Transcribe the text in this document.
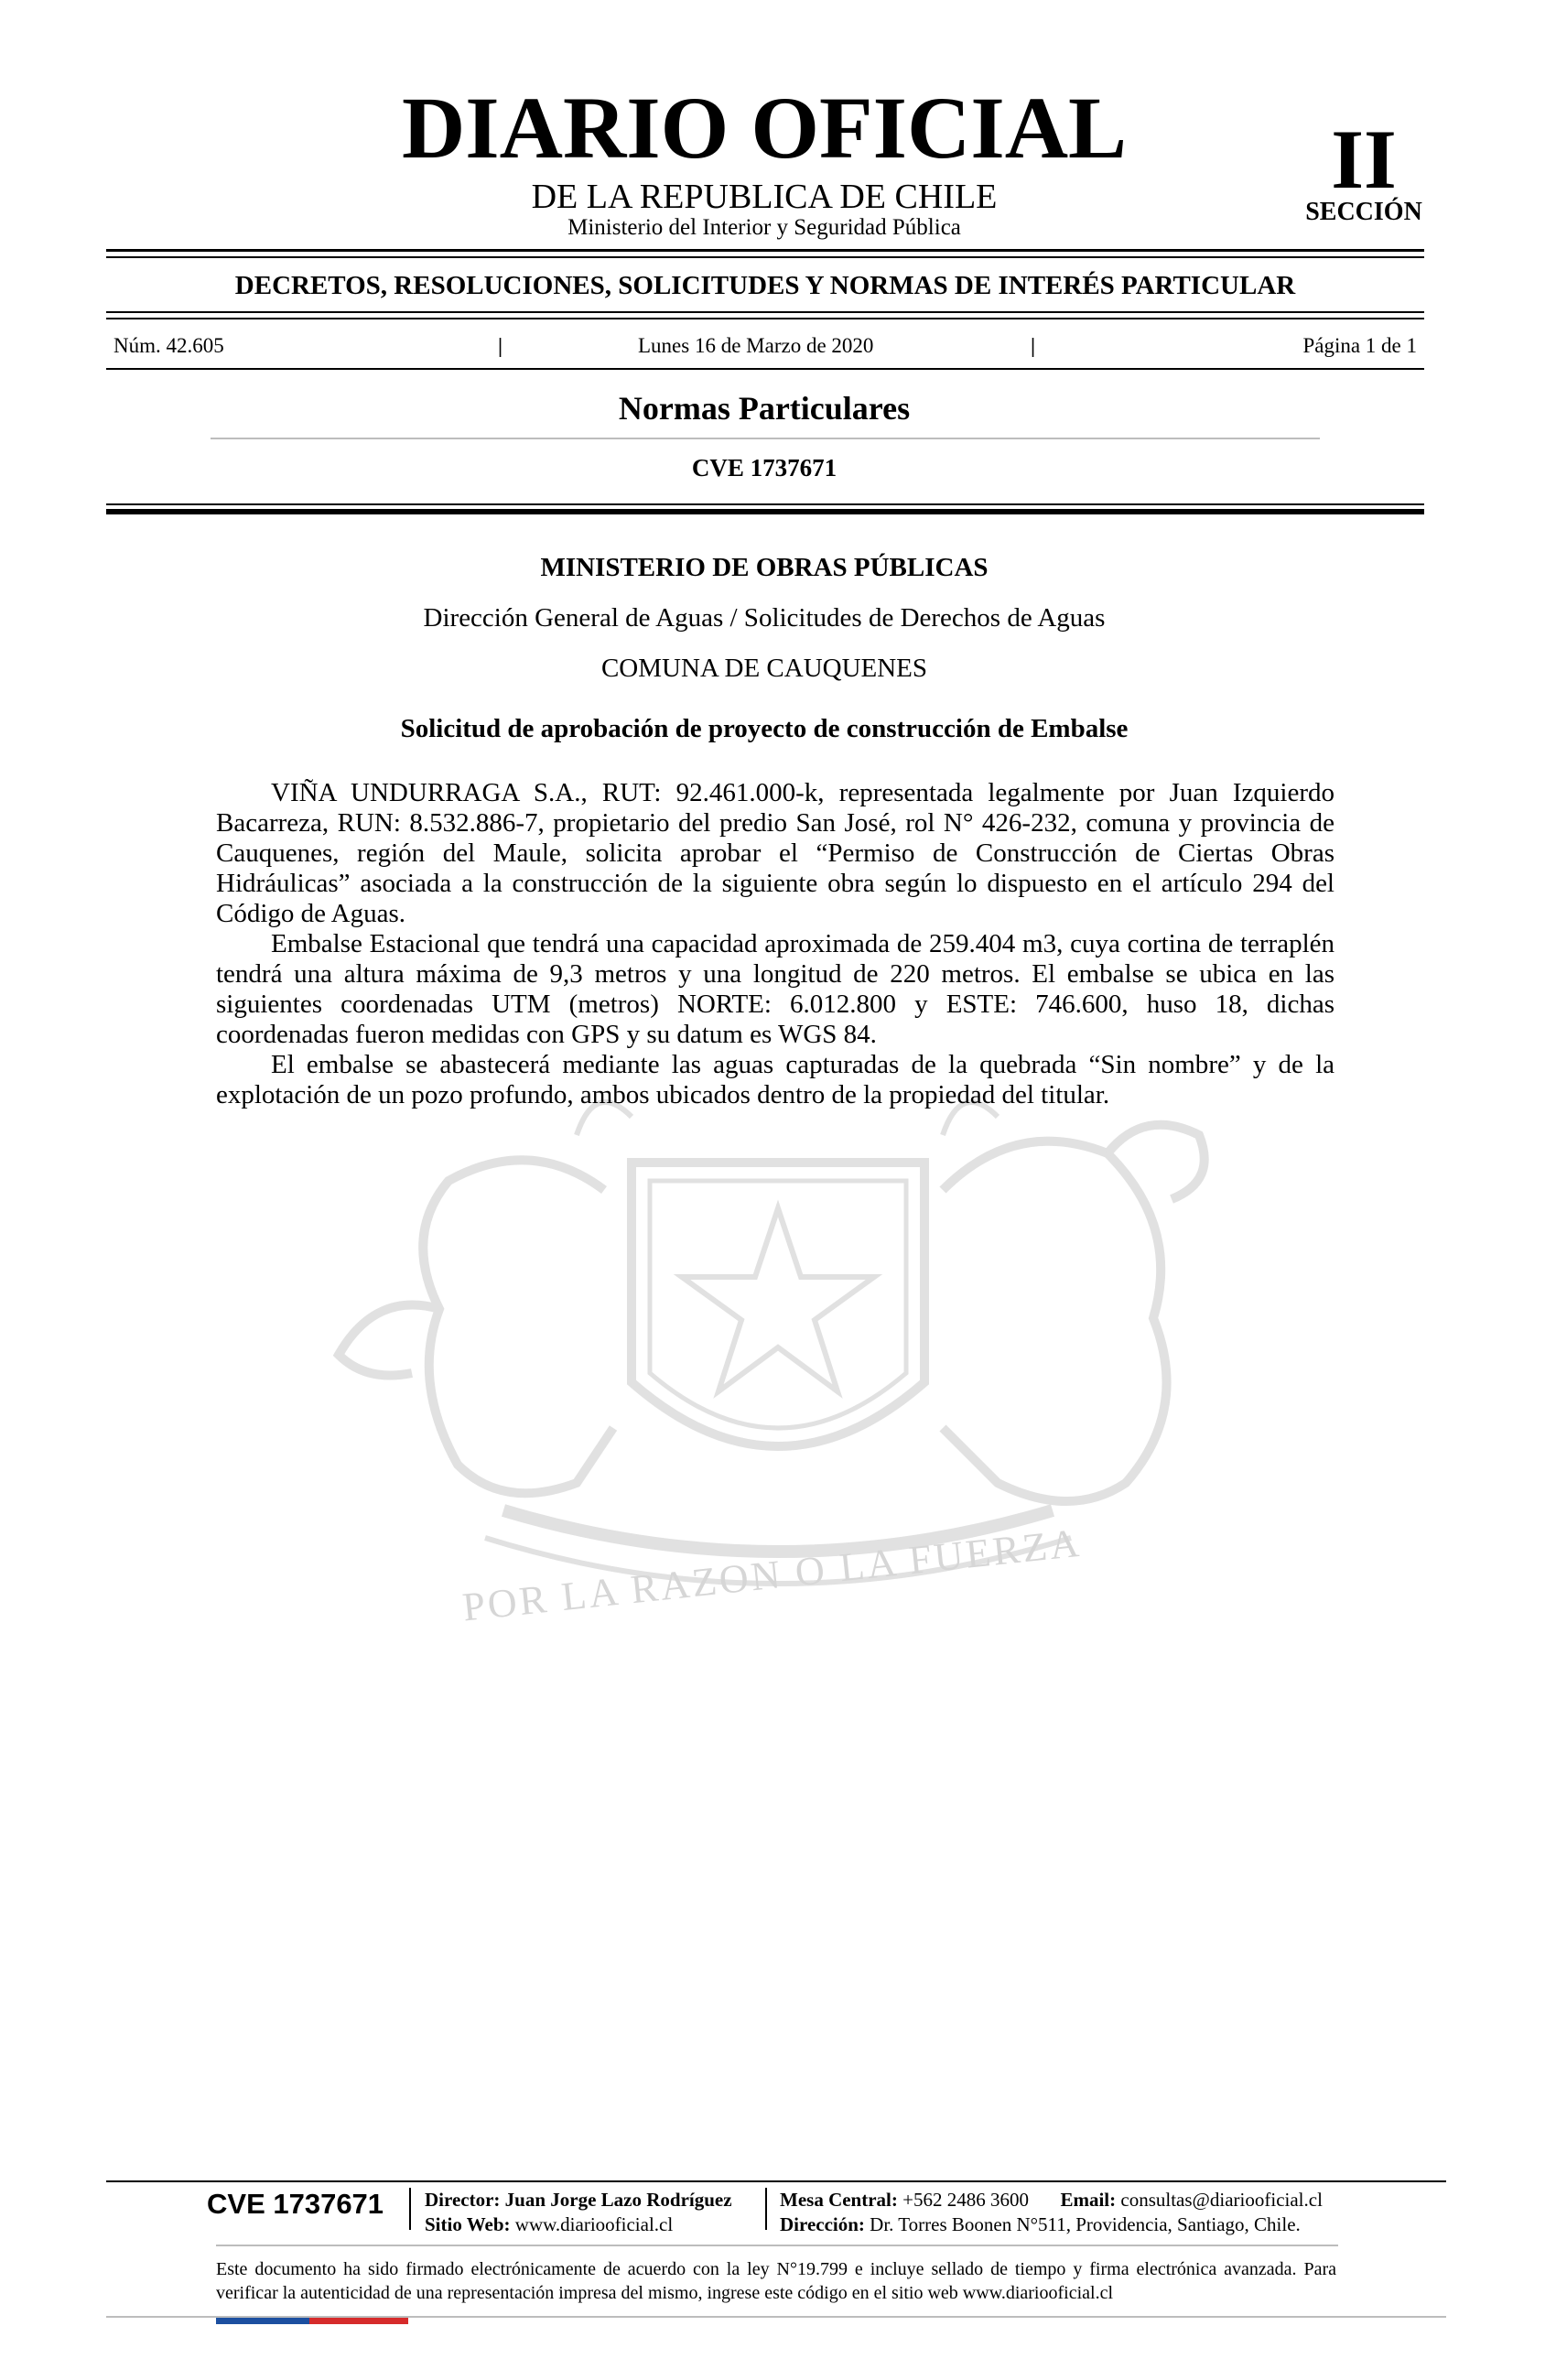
POR LA RAZON O LA FUERZA
DIARIO OFICIAL
DE LA REPUBLICA DE CHILE
Ministerio del Interior y Seguridad Pública
II
SECCIÓN
DECRETOS, RESOLUCIONES, SOLICITUDES Y NORMAS DE INTERÉS PARTICULAR
Núm. 42.605	|	Lunes 16 de Marzo de 2020	|	Página 1 de 1
Normas Particulares
CVE 1737671
MINISTERIO DE OBRAS PÚBLICAS
Dirección General de Aguas / Solicitudes de Derechos de Aguas
COMUNA DE CAUQUENES
Solicitud de aprobación de proyecto de construcción de Embalse

VIÑA UNDURRAGA S.A., RUT: 92.461.000-k, representada legalmente por Juan Izquierdo Bacarreza, RUN: 8.532.886-7, propietario del predio San José, rol N° 426-232, comuna y provincia de Cauquenes, región del Maule, solicita aprobar el “Permiso de Construcción de Ciertas Obras Hidráulicas” asociada a la construcción de la siguiente obra según lo dispuesto en el artículo 294 del Código de Aguas.

Embalse Estacional que tendrá una capacidad aproximada de 259.404 m3, cuya cortina de terraplén tendrá una altura máxima de 9,3 metros y una longitud de 220 metros. El embalse se ubica en las siguientes coordenadas UTM (metros) NORTE: 6.012.800 y ESTE: 746.600, huso 18, dichas coordenadas fueron medidas con GPS y su datum es WGS 84.

El embalse se abastecerá mediante las aguas capturadas de la quebrada “Sin nombre” y de la explotación de un pozo profundo, ambos ubicados dentro de la propiedad del titular.

CVE 1737671 Director: Juan Jorge Lazo Rodríguez
Sitio Web: www.diariooficial.cl
Mesa Central: +562 2486 3600 Email: consultas@diariooficial.cl
Dirección: Dr. Torres Boonen N°511, Providencia, Santiago, Chile.
Este documento ha sido firmado electrónicamente de acuerdo con la ley N°19.799 e incluye sellado de tiempo y firma electrónica avanzada. Para verificar la autenticidad de una representación impresa del mismo, ingrese este código en el sitio web www.diariooficial.cl
